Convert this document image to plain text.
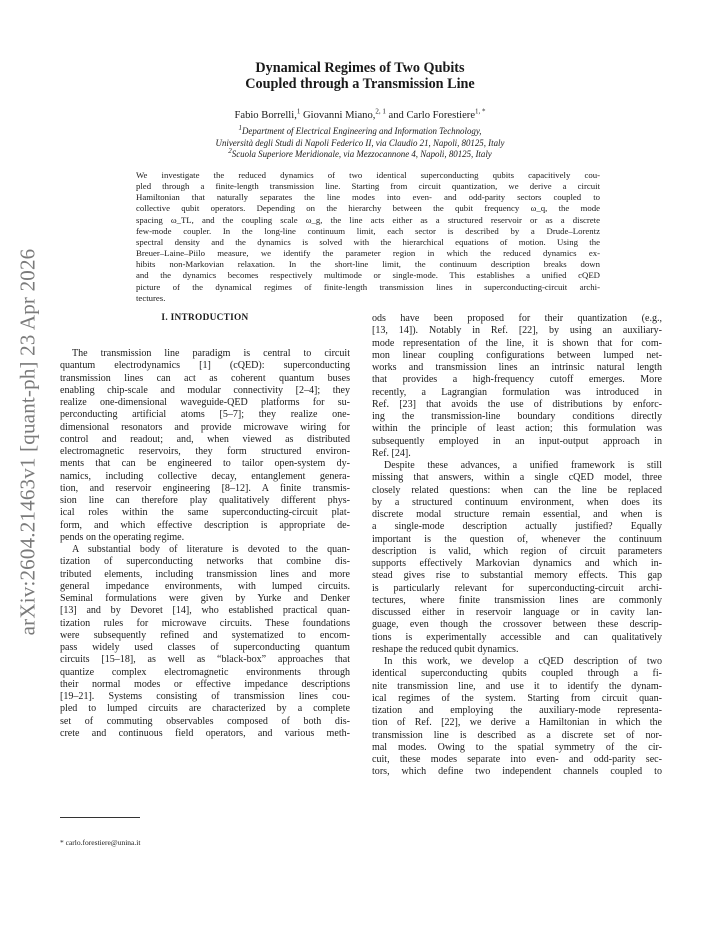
arXiv:2604.21463v1 [quant-ph] 23 Apr 2026
Dynamical Regimes of Two Qubits
Coupled through a Transmission Line
Fabio Borrelli,$^1$ Giovanni Miano,$^{2, 1}$ and Carlo Forestiere$^{1, *}$
$^1$Department of Electrical Engineering and Information Technology,
Università degli Studi di Napoli Federico II, via Claudio 21, Napoli, 80125, Italy
$^2$Scuola Superiore Meridionale, via Mezzocannone 4, Napoli, 80125, Italy
We investigate the reduced dynamics of two identical superconducting qubits capacitively cou-
pled through a finite-length transmission line. Starting from circuit quantization, we derive a circuit
Hamiltonian that naturally separates the line modes into even- and odd-parity sectors coupled to
collective qubit operators. Depending on the hierarchy between the qubit frequency ω_q, the mode
spacing ω_TL, and the coupling scale ω_g, the line acts either as a structured reservoir or as a discrete
few-mode coupler. In the long-line continuum limit, each sector is described by a Drude–Lorentz
spectral density and the dynamics is solved with the hierarchical equations of motion. Using the
Breuer–Laine–Piilo measure, we identify the parameter region in which the reduced dynamics ex-
hibits non-Markovian relaxation. In the short-line limit, the continuum description breaks down
and the dynamics becomes respectively multimode or single-mode. This establishes a unified cQED
picture of the dynamical regimes of finite-length transmission lines in superconducting-circuit archi-
tectures.
I. INTRODUCTION
The transmission line paradigm is central to circuit
quantum electrodynamics [1] (cQED): superconducting
transmission lines can act as coherent quantum buses
enabling chip-scale and modular connectivity [2–4]; they
realize one-dimensional waveguide-QED platforms for su-
perconducting artificial atoms [5–7]; they realize one-
dimensional resonators and provide microwave wiring for
control and readout; and, when viewed as distributed
electromagnetic reservoirs, they form structured environ-
ments that can be engineered to tailor open-system dy-
namics, including collective decay, entanglement genera-
tion, and reservoir engineering [8–12]. A finite transmis-
sion line can therefore play qualitatively different phys-
ical roles within the same superconducting-circuit plat-
form, and which effective description is appropriate de-
pends on the operating regime.
A substantial body of literature is devoted to the quan-
tization of superconducting networks that combine dis-
tributed elements, including transmission lines and more
general impedance environments, with lumped circuits.
Seminal formulations were given by Yurke and Denker
[13] and by Devoret [14], who established practical quan-
tization rules for microwave circuits. These foundations
were subsequently refined and systematized to encom-
pass widely used classes of superconducting quantum
circuits [15–18], as well as “black-box” approaches that
quantize complex electromagnetic environments through
their normal modes or effective impedance descriptions
[19–21]. Systems consisting of transmission lines cou-
pled to lumped circuits are characterized by a complete
set of commuting observables composed of both dis-
crete and continuous field operators, and various meth-
ods have been proposed for their quantization (e.g.,
[13, 14]). Notably in Ref. [22], by using an auxiliary-
mode representation of the line, it is shown that for com-
mon linear coupling configurations between lumped net-
works and transmission lines an intrinsic natural length
that provides a high-frequency cutoff emerges. More
recently, a Lagrangian formulation was introduced in
Ref. [23] that avoids the use of distributions by enforc-
ing the transmission-line boundary conditions directly
within the principle of least action; this formulation was
subsequently employed in an input-output approach in
Ref. [24].
Despite these advances, a unified framework is still
missing that answers, within a single cQED model, three
closely related questions: when can the line be replaced
by a structured continuum environment, when does its
discrete modal structure remain essential, and when is
a single-mode description actually justified? Equally
important is the question of, whenever the continuum
description is valid, which region of circuit parameters
supports effectively Markovian dynamics and which in-
stead gives rise to substantial memory effects. This gap
is particularly relevant for superconducting-circuit archi-
tectures, where finite transmission lines are commonly
discussed either in reservoir language or in cavity lan-
guage, even though the crossover between these descrip-
tions is experimentally accessible and can qualitatively
reshape the reduced qubit dynamics.
In this work, we develop a cQED description of two
identical superconducting qubits coupled through a fi-
nite transmission line, and use it to identify the dynam-
ical regimes of the system. Starting from circuit quan-
tization and employing the auxiliary-mode representa-
tion of Ref. [22], we derive a Hamiltonian in which the
transmission line is described as a discrete set of nor-
mal modes. Owing to the spatial symmetry of the cir-
cuit, these modes separate into even- and odd-parity sec-
tors, which define two independent channels coupled to
* carlo.forestiere@unina.it
